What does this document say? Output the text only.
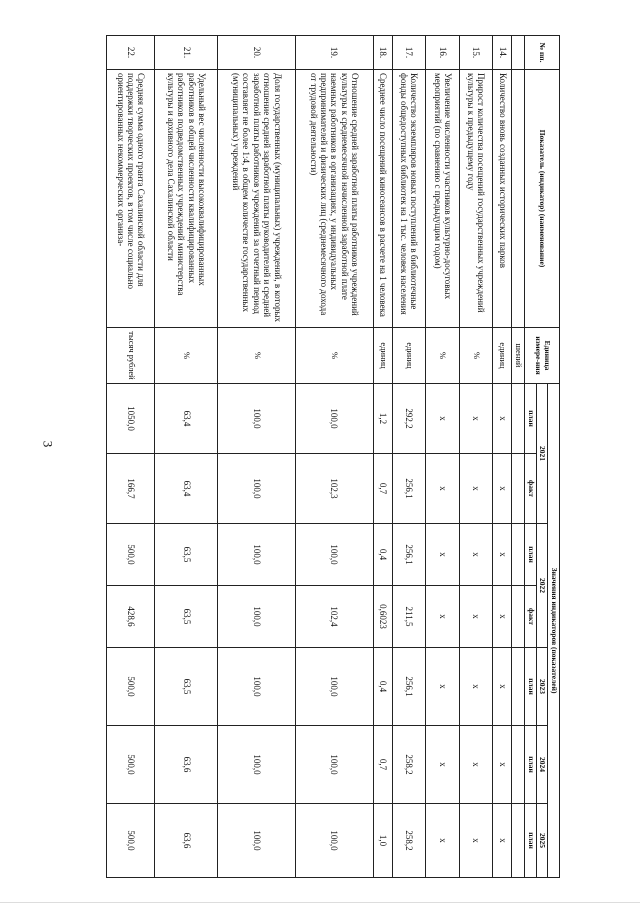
3
№ пп.	Показатель (индикатор) (наименование)	Единица измере-ния	Значения индикаторов (показателей)						
			2021		2022		2023	2024	2025
			план	факт	план	факт	план	план	план
		шений							
14.	Количество вновь созданных исторических парков	единиц	х	х	х	х	х	х	х
15.	Прирост количества посещений государственных учреждений культуры к предыдущему году	%	х	х	х	х	х	х	х
16.	Увеличение численности участников культурно-досуговых мероприятий (по сравнению с предыдущим годом)	%	х	х	х	х	х	х	х
17.	Количество экземпляров новых поступлений в библиотечные фонды общедоступных библиотек на 1 тыс. человек населения	единиц	292,2	256,1	256,1	211,5	256,1	258,2	258,2
18.	Среднее число посещений киносеансов в расчете на 1 человека	единиц	1,2	0,7	0,4	0,6023	0,4	0,7	1,0
19.	Отношение средней заработной платы работников учреждений культуры к среднемесячной начисленной заработной плате наемных работников в организациях, у индивидуальных предпринимателей и физических лиц (среднемесячного дохода от трудовой деятельности)	%	100,0	102,3	100,0	102,4	100,0	100,0	100,0
20.	Доля государственных (муниципальных) учреждений, в которых отношение средней заработной платы руководителей и средней заработной платы работников учреждений за отчетный период составляет не более 1:4, в общем количестве государственных (муниципальных) учреждений	%	100,0	100,0	100,0	100,0	100,0	100,0	100,0
21.	Удельный вес численности высококвалифицированных работников в общей численности квалифицированных работников подведомственных учреждений министерства культуры и архивного дела Сахалинской области	%	63,4	63,4	63,5	63,5	63,5	63,6	63,6
22.	Средняя сумма одного гранта Сахалинской области для поддержки творческих проектов, в том числе социально ориентированных некоммерческих организа-	тысяч рублей	1050,0	166,7	500,0	428,6	500,0	500,0	500,0
